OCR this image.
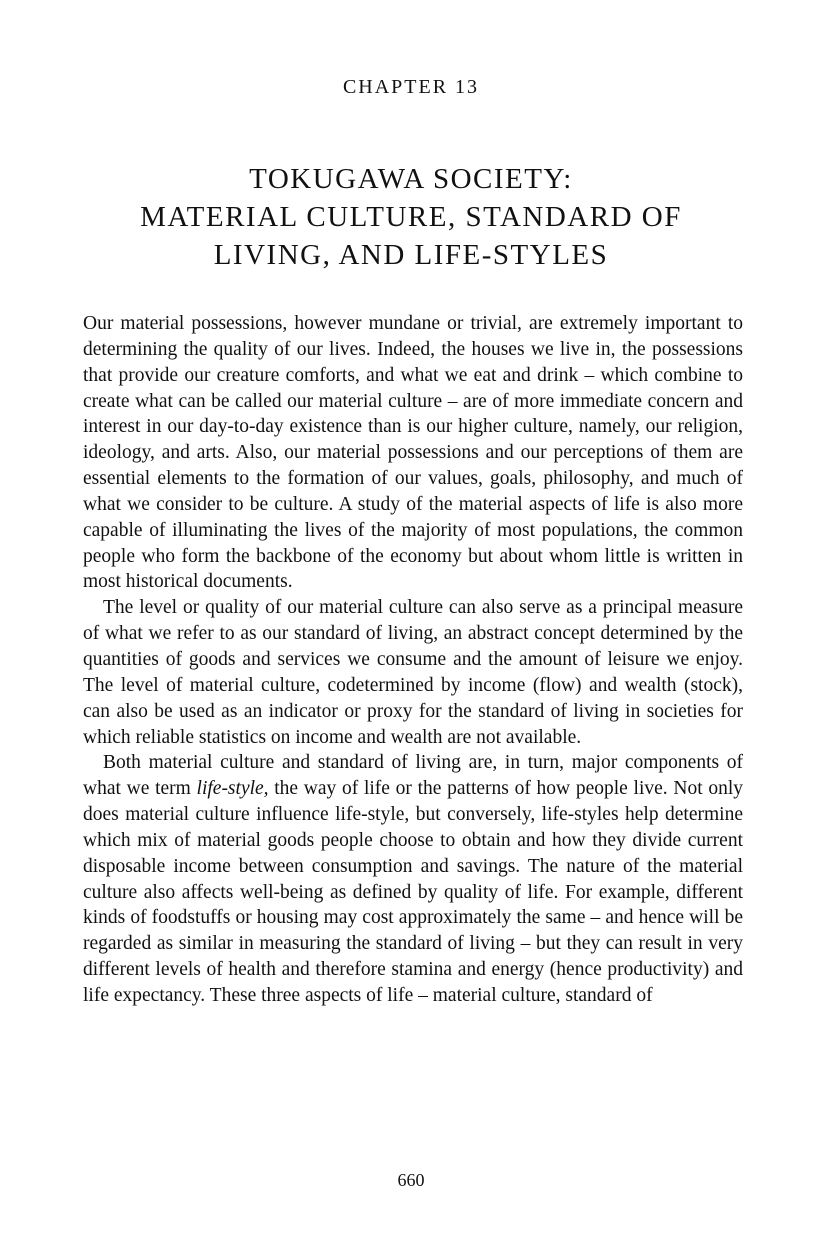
CHAPTER 13
TOKUGAWA SOCIETY:
MATERIAL CULTURE, STANDARD OF
LIVING, AND LIFE-STYLES

Our material possessions, however mundane or trivial, are extremely important to determining the quality of our lives. Indeed, the houses we live in, the possessions that provide our creature comforts, and what we eat and drink – which combine to create what can be called our material culture – are of more immediate concern and interest in our day-to-day existence than is our higher culture, namely, our religion, ideology, and arts. Also, our material possessions and our perceptions of them are essential elements to the formation of our values, goals, philosophy, and much of what we consider to be culture. A study of the material aspects of life is also more capable of illuminating the lives of the majority of most populations, the common people who form the backbone of the economy but about whom little is written in most historical documents.

The level or quality of our material culture can also serve as a principal measure of what we refer to as our standard of living, an abstract concept determined by the quantities of goods and services we consume and the amount of leisure we enjoy. The level of material culture, codetermined by income (flow) and wealth (stock), can also be used as an indicator or proxy for the standard of living in societies for which reliable statistics on income and wealth are not available.

Both material culture and standard of living are, in turn, major components of what we term life-style, the way of life or the patterns of how people live. Not only does material culture influence life-style, but conversely, life-styles help determine which mix of material goods people choose to obtain and how they divide current disposable income between consumption and savings. The nature of the material culture also affects well-being as defined by quality of life. For example, different kinds of foodstuffs or housing may cost approximately the same – and hence will be regarded as similar in measuring the standard of living – but they can result in very different levels of health and therefore stamina and energy (hence productivity) and life expectancy. These three aspects of life – material culture, standard of

660
